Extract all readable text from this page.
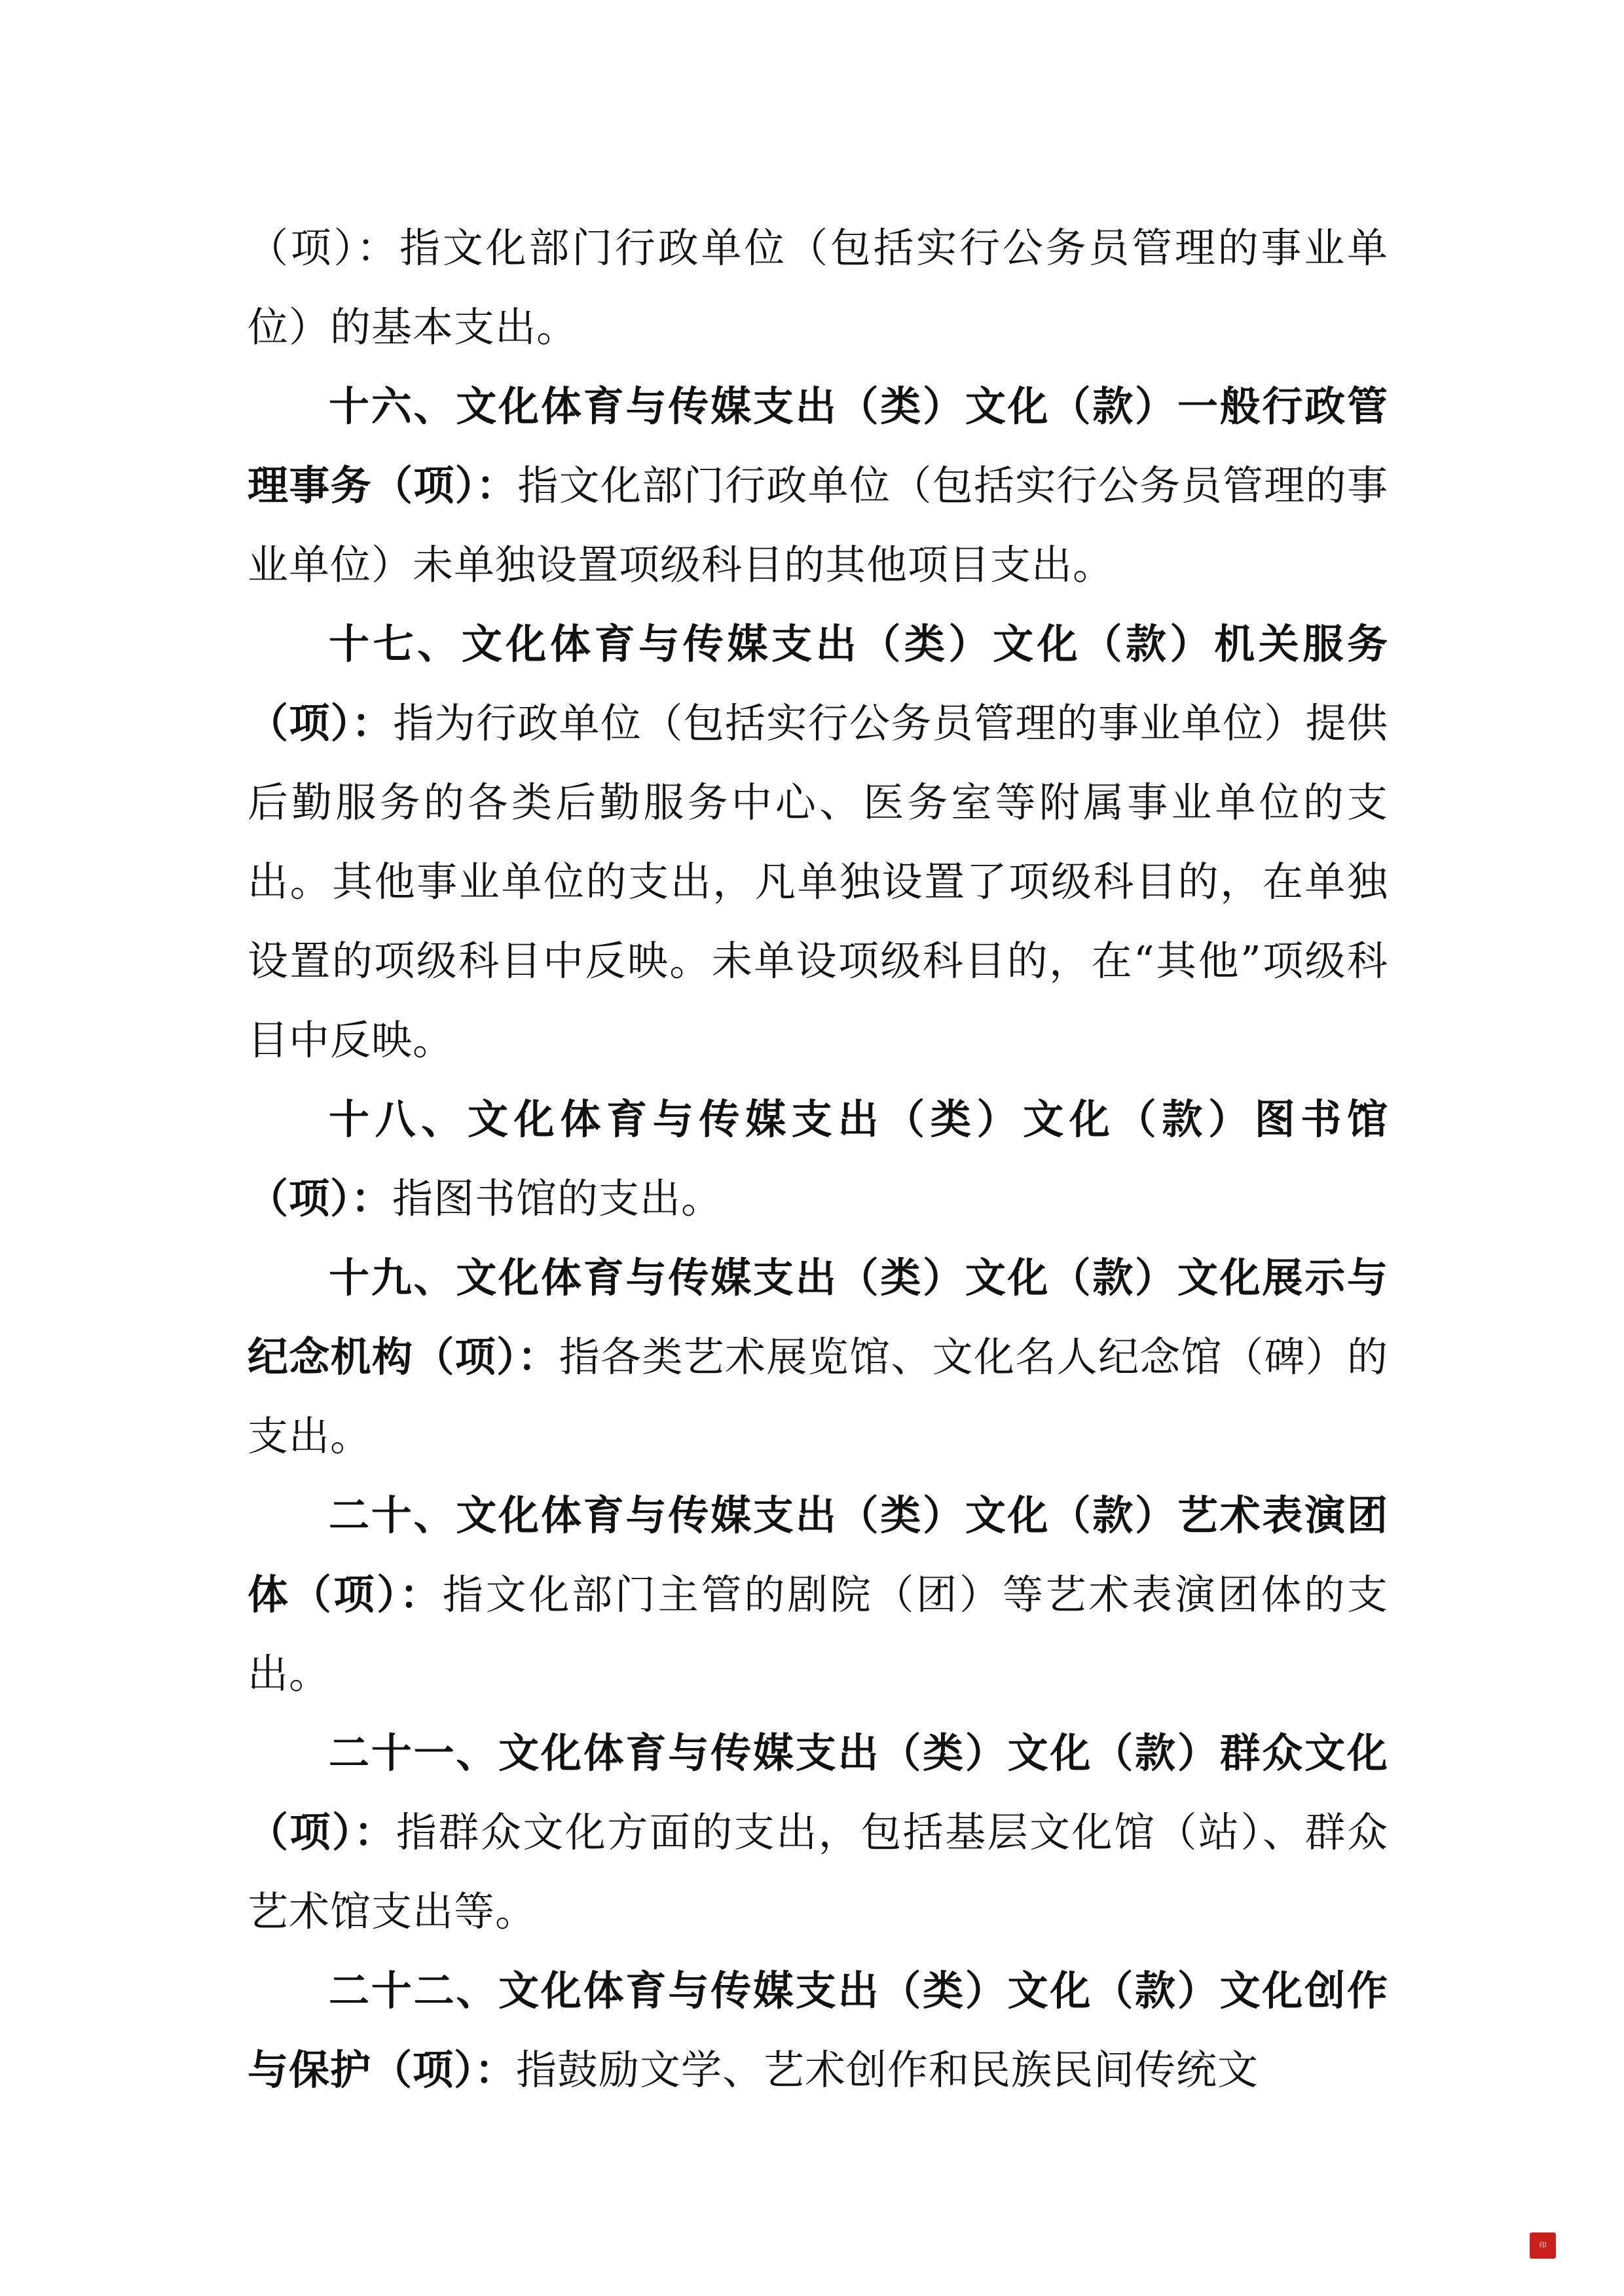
（项）：指文化部门行政单位（包括实行公务员管理的事业单位）的基本支出。

十六、文化体育与传媒支出（类）文化（款）一般行政管理事务（项）：指文化部门行政单位（包括实行公务员管理的事业单位）未单独设置项级科目的其他项目支出。

十七、文化体育与传媒支出（类）文化（款）机关服务（项）：指为行政单位（包括实行公务员管理的事业单位）提供后勤服务的各类后勤服务中心、医务室等附属事业单位的支出。其他事业单位的支出，凡单独设置了项级科目的，在单独设置的项级科目中反映。未单设项级科目的，在“其他”项级科目中反映。

十八、文化体育与传媒支出（类）文化（款）图书馆（项）：指图书馆的支出。

十九、文化体育与传媒支出（类）文化（款）文化展示与纪念机构（项）：指各类艺术展览馆、文化名人纪念馆（碑）的支出。

二十、文化体育与传媒支出（类）文化（款）艺术表演团体（项）：指文化部门主管的剧院（团）等艺术表演团体的支出。

二十一、文化体育与传媒支出（类）文化（款）群众文化（项）：指群众文化方面的支出，包括基层文化馆（站）、群众艺术馆支出等。

二十二、文化体育与传媒支出（类）文化（款）文化创作与保护（项）：指鼓励文学、艺术创作和民族民间传统文

印
